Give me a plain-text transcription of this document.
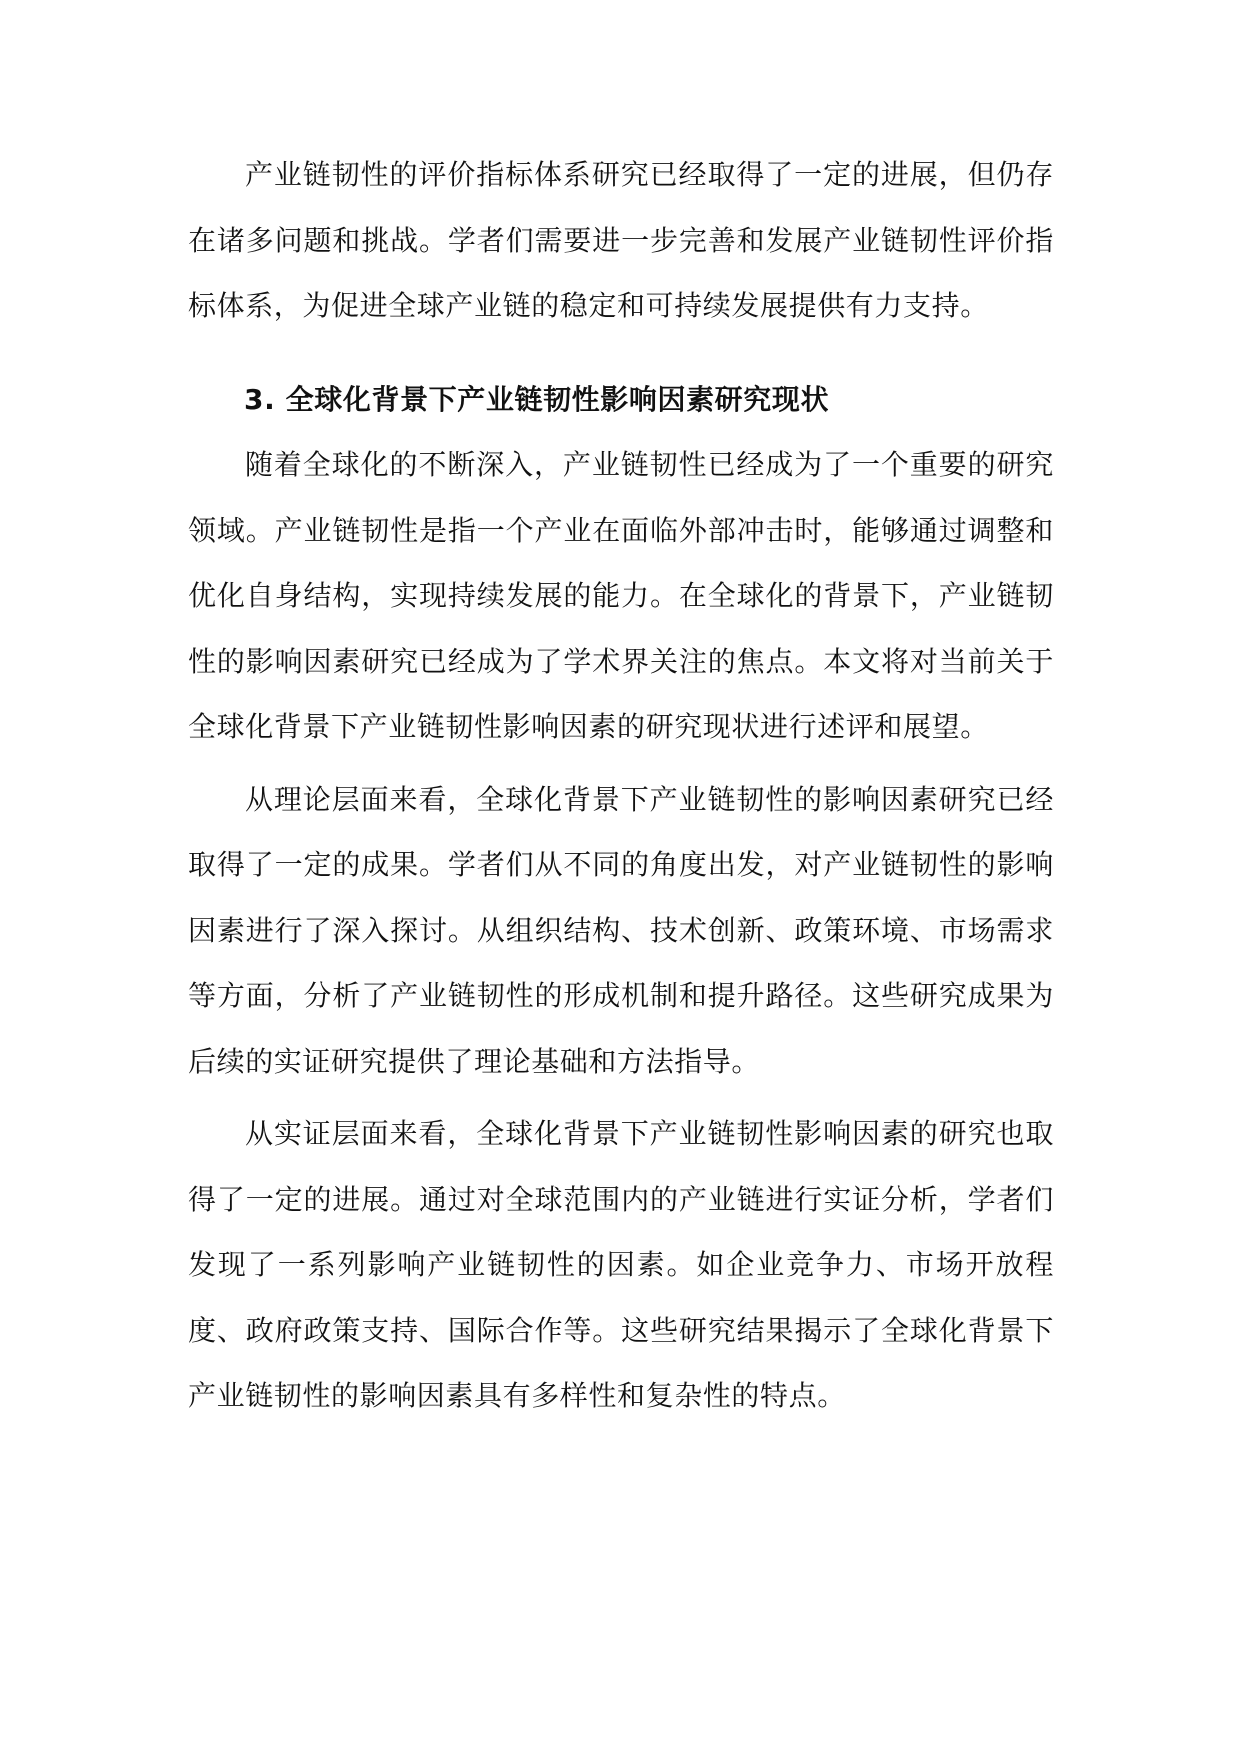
产业链韧性的评价指标体系研究已经取得了一定的进展，但仍存在诸多问题和挑战。学者们需要进一步完善和发展产业链韧性评价指标体系，为促进全球产业链的稳定和可持续发展提供有力支持。

3. 全球化背景下产业链韧性影响因素研究现状

随着全球化的不断深入，产业链韧性已经成为了一个重要的研究领域。产业链韧性是指一个产业在面临外部冲击时，能够通过调整和优化自身结构，实现持续发展的能力。在全球化的背景下，产业链韧性的影响因素研究已经成为了学术界关注的焦点。本文将对当前关于全球化背景下产业链韧性影响因素的研究现状进行述评和展望。

从理论层面来看，全球化背景下产业链韧性的影响因素研究已经取得了一定的成果。学者们从不同的角度出发，对产业链韧性的影响因素进行了深入探讨。从组织结构、技术创新、政策环境、市场需求等方面，分析了产业链韧性的形成机制和提升路径。这些研究成果为后续的实证研究提供了理论基础和方法指导。

从实证层面来看，全球化背景下产业链韧性影响因素的研究也取得了一定的进展。通过对全球范围内的产业链进行实证分析，学者们发现了一系列影响产业链韧性的因素。如企业竞争力、市场开放程度、政府政策支持、国际合作等。这些研究结果揭示了全球化背景下产业链韧性的影响因素具有多样性和复杂性的特点。
